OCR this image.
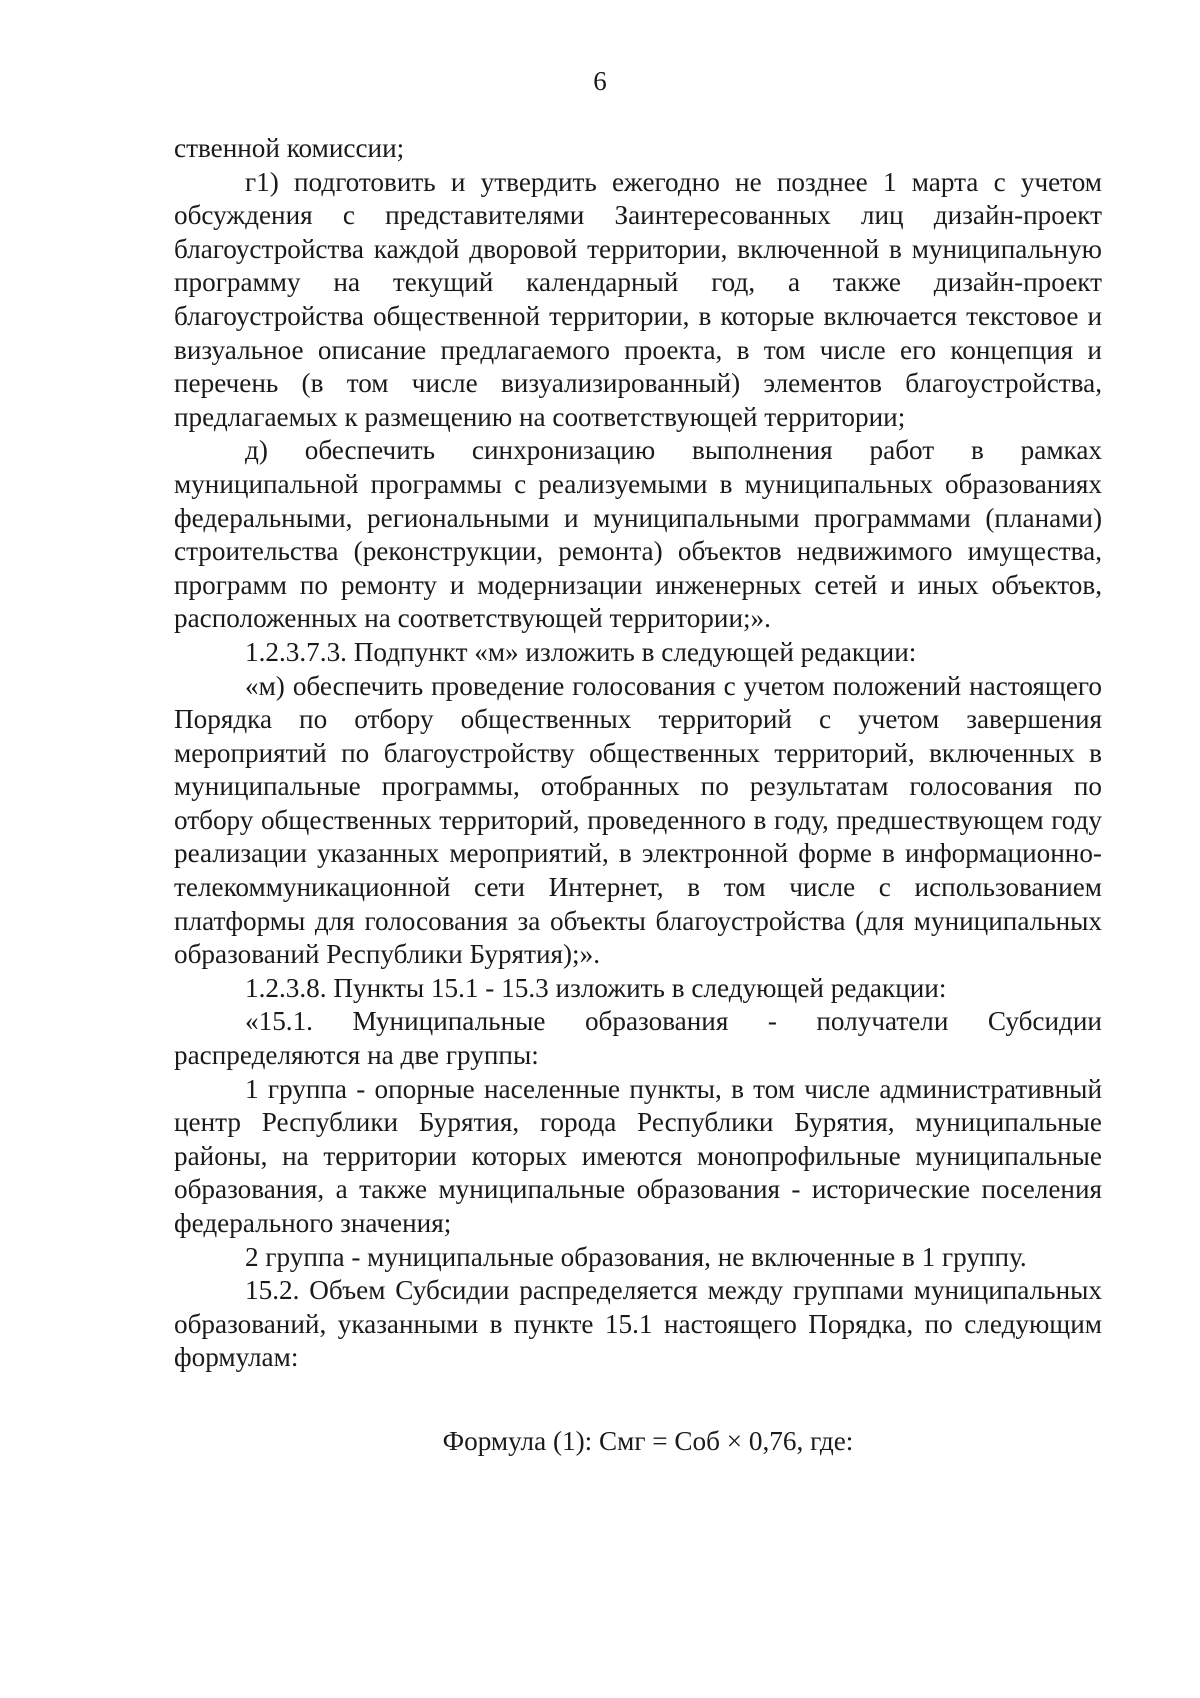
6

ственной комиссии;

г1) подготовить и утвердить ежегодно не позднее 1 марта с учетом обсуждения с представителями Заинтересованных лиц дизайн-проект благоустройства каждой дворовой территории, включенной в муниципальную программу на текущий календарный год, а также дизайн-проект благоустройства общественной территории, в которые включается текстовое и визуальное описание предлагаемого проекта, в том числе его концепция и перечень (в том числе визуализированный) элементов благоустройства, предлагаемых к размещению на соответствующей территории;

д) обеспечить синхронизацию выполнения работ в рамках муниципальной программы с реализуемыми в муниципальных образованиях федеральными, региональными и муниципальными программами (планами) строительства (реконструкции, ремонта) объектов недвижимого имущества, программ по ремонту и модернизации инженерных сетей и иных объектов, расположенных на соответствующей территории;».

1.2.3.7.3. Подпункт «м» изложить в следующей редакции:

«м) обеспечить проведение голосования с учетом положений настоящего Порядка по отбору общественных территорий с учетом завершения мероприятий по благоустройству общественных территорий, включенных в муниципальные программы, отобранных по результатам голосования по отбору общественных территорий, проведенного в году, предшествующем году реализации указанных мероприятий, в электронной форме в информационно-телекоммуникационной сети Интернет, в том числе с использованием платформы для голосования за объекты благоустройства (для муниципальных образований Республики Бурятия);».

1.2.3.8. Пункты 15.1 - 15.3 изложить в следующей редакции:

«15.1. Муниципальные образования - получатели Субсидии распределяются на две группы:

1 группа - опорные населенные пункты, в том числе административный центр Республики Бурятия, города Республики Бурятия, муниципальные районы, на территории которых имеются монопрофильные муниципальные образования, а также муниципальные образования - исторические поселения федерального значения;

2 группа - муниципальные образования, не включенные в 1 группу.

15.2. Объем Субсидии распределяется между группами муниципальных образований, указанными в пункте 15.1 настоящего Порядка, по следующим формулам:

Формула (1): Смг = Соб × 0,76, где:
